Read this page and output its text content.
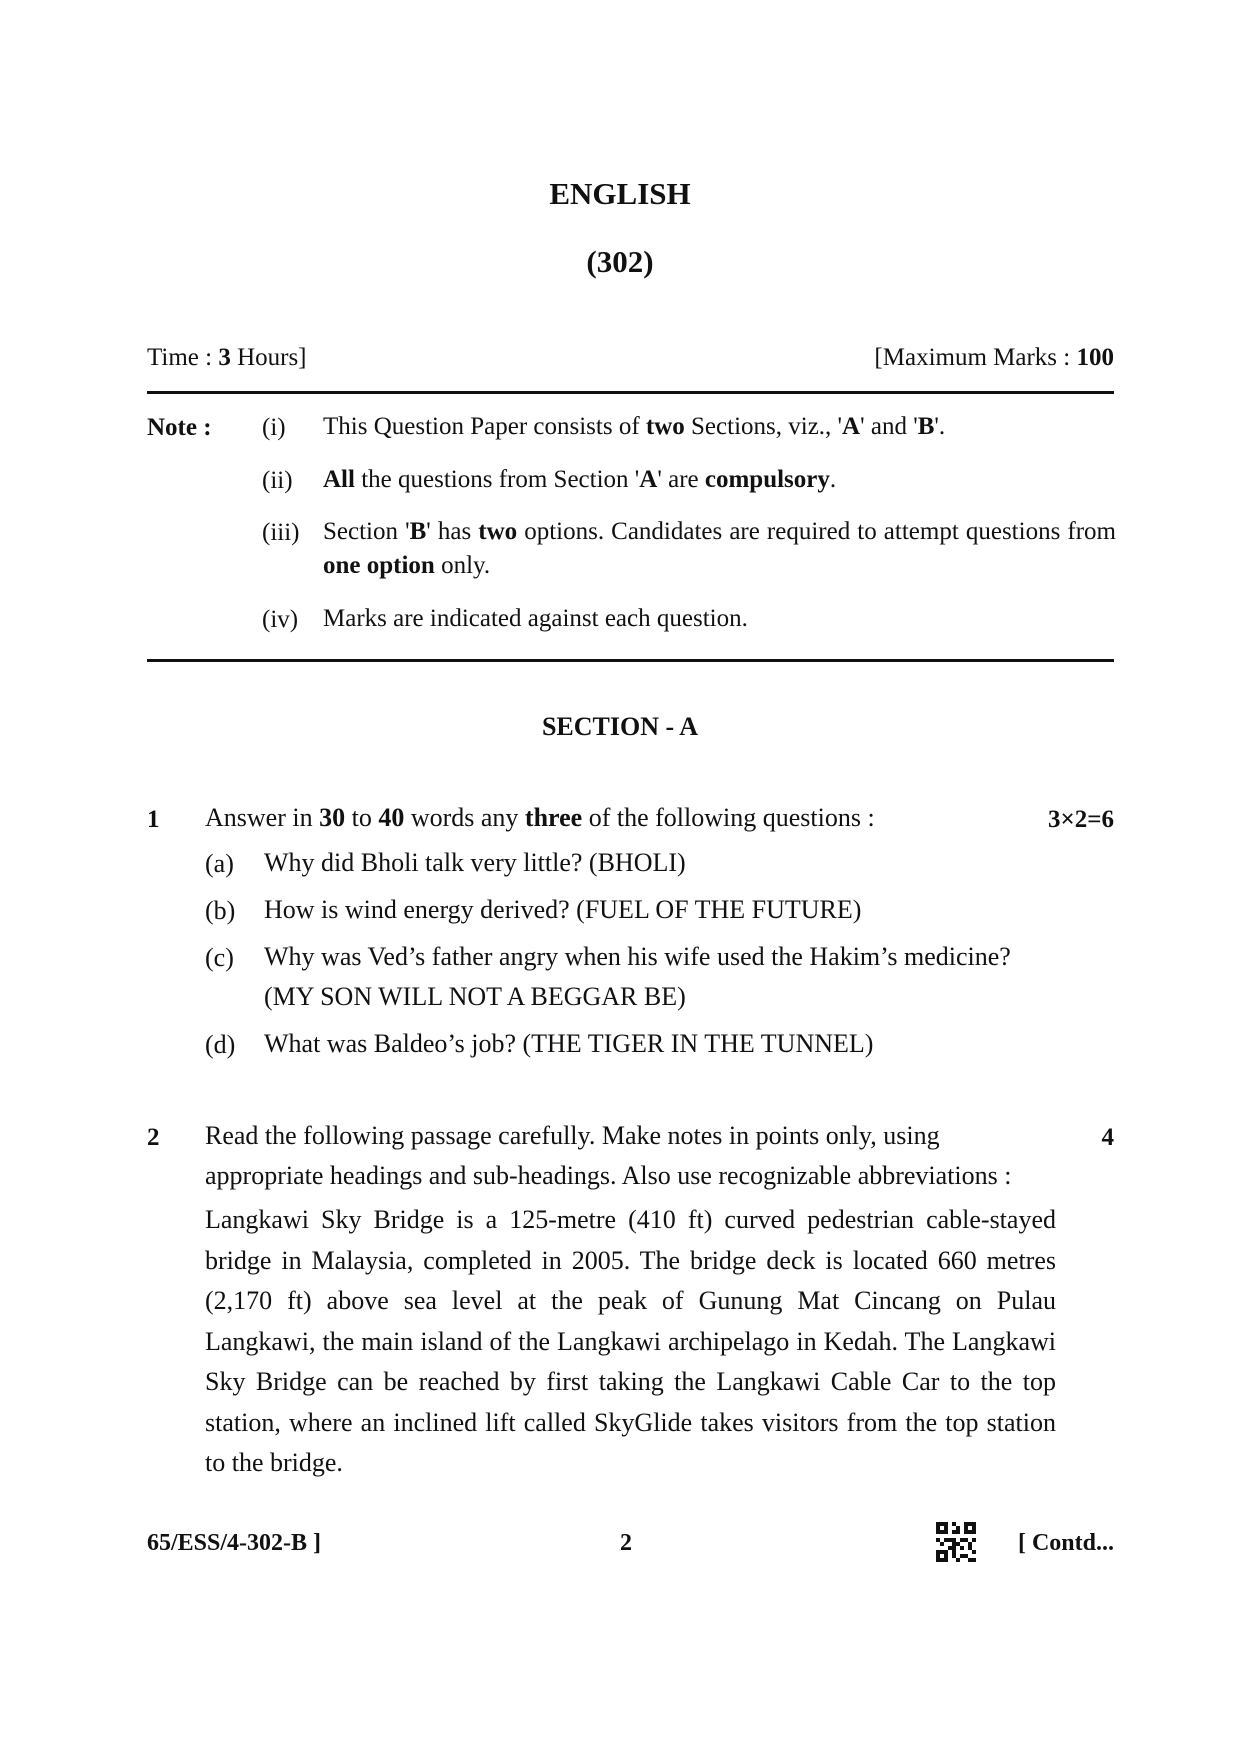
ENGLISH
(302)
Time : 3 Hours]	[Maximum Marks : 100
Note : (i) This Question Paper consists of two Sections, viz., 'A' and 'B'.
(ii) All the questions from Section 'A' are compulsory.
(iii) Section 'B' has two options. Candidates are required to attempt questions from one option only.
(iv) Marks are indicated against each question.
SECTION - A
1 Answer in 30 to 40 words any three of the following questions :	3×2=6
(a) Why did Bholi talk very little? (BHOLI)
(b) How is wind energy derived? (FUEL OF THE FUTURE)
(c) Why was Ved’s father angry when his wife used the Hakim’s medicine?
(MY SON WILL NOT A BEGGAR BE)
(d) What was Baldeo’s job? (THE TIGER IN THE TUNNEL)
2 Read the following passage carefully. Make notes in points only, using	4
appropriate headings and sub-headings. Also use recognizable abbreviations :
Langkawi Sky Bridge is a 125-metre (410 ft) curved pedestrian cable-stayed bridge in Malaysia, completed in 2005. The bridge deck is located 660 metres (2,170 ft) above sea level at the peak of Gunung Mat Cincang on Pulau Langkawi, the main island of the Langkawi archipelago in Kedah. The Langkawi Sky Bridge can be reached by first taking the Langkawi Cable Car to the top station, where an inclined lift called SkyGlide takes visitors from the top station to the bridge.
65/ESS/4-302-B ]	2	[ Contd...
